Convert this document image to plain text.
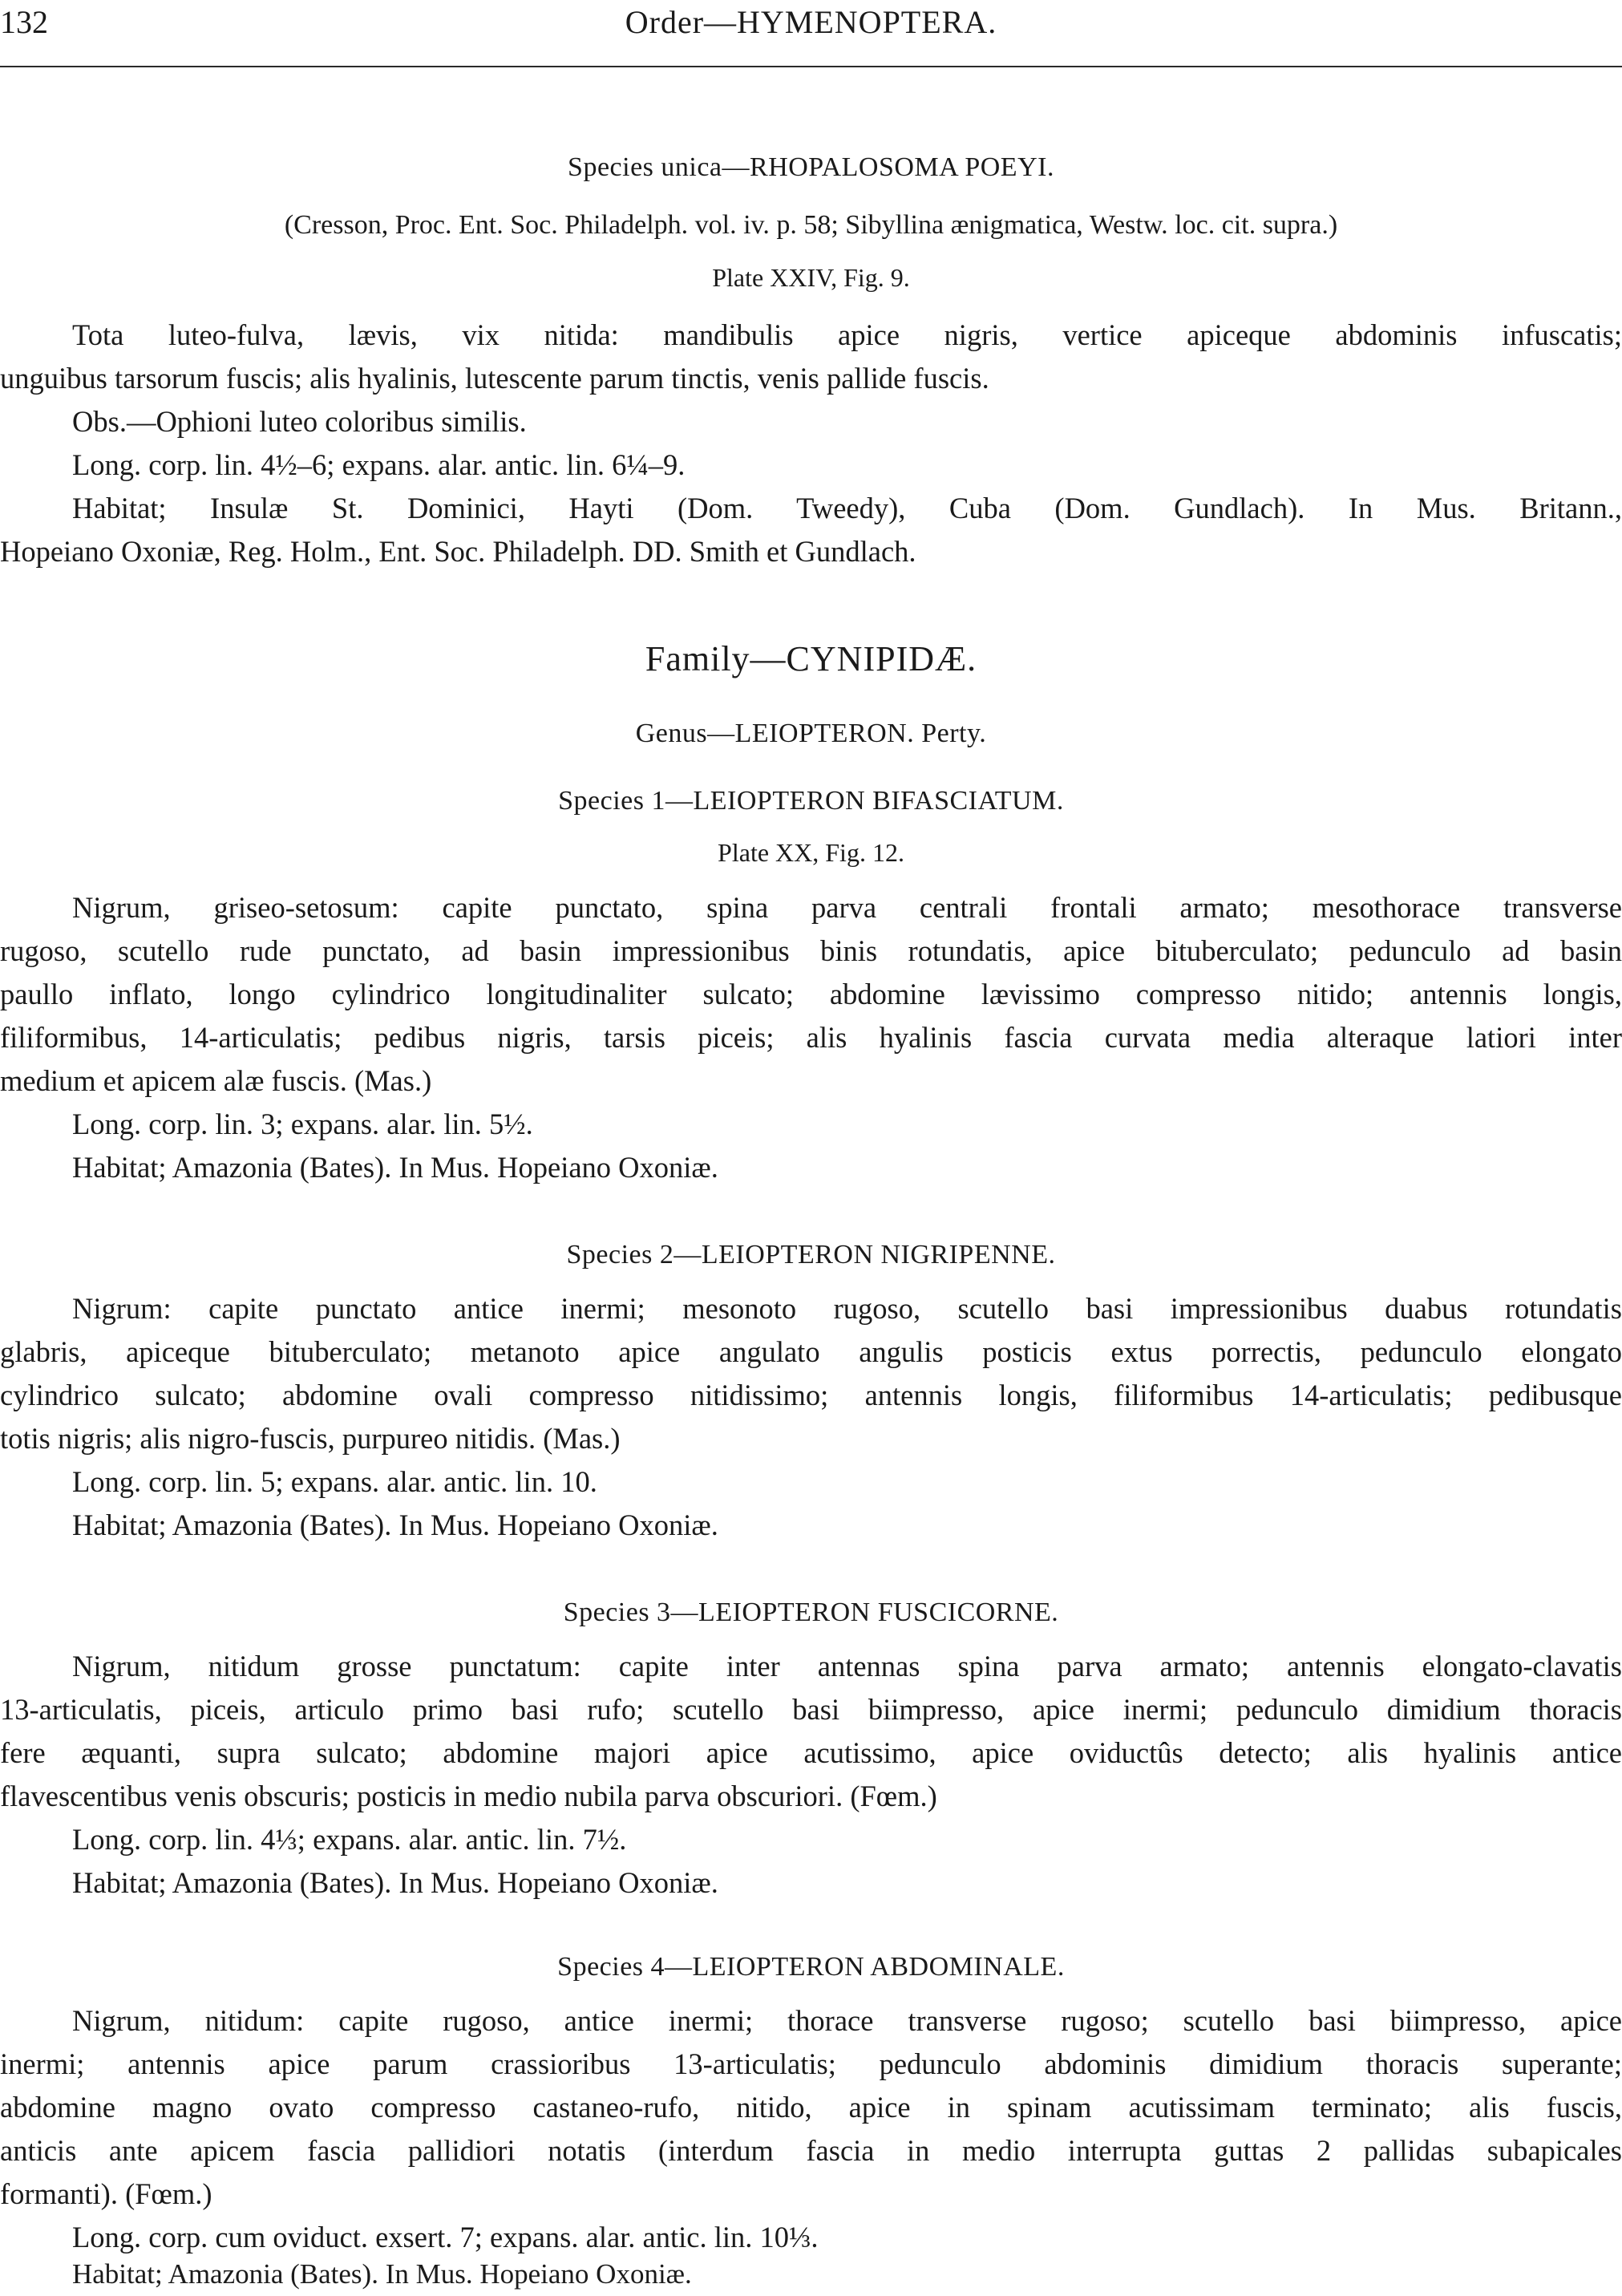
132	Order—HYMENOPTERA.
Species unica—RHOPALOSOMA POEYI.
(Cresson, Proc. Ent. Soc. Philadelph. vol. iv. p. 58; Sibyllina ænigmatica, Westw. loc. cit. supra.)
Plate XXIV, Fig. 9.
Tota luteo-fulva, lævis, vix nitida: mandibulis apice nigris, vertice apiceque abdominis infuscatis;
unguibus tarsorum fuscis; alis hyalinis, lutescente parum tinctis, venis pallide fuscis.
Obs.—Ophioni luteo coloribus similis.
Long. corp. lin. 4½–6; expans. alar. antic. lin. 6¼–9.
Habitat; Insulæ St. Dominici, Hayti (Dom. Tweedy), Cuba (Dom. Gundlach). In Mus. Britann.,
Hopeiano Oxoniæ, Reg. Holm., Ent. Soc. Philadelph. DD. Smith et Gundlach.
Family—CYNIPIDÆ.
Genus—LEIOPTERON. Perty.
Species 1—LEIOPTERON BIFASCIATUM.
Plate XX, Fig. 12.
Nigrum, griseo-setosum: capite punctato, spina parva centrali frontali armato; mesothorace transverse
rugoso, scutello rude punctato, ad basin impressionibus binis rotundatis, apice bituberculato; pedunculo ad basin
paullo inflato, longo cylindrico longitudinaliter sulcato; abdomine lævissimo compresso nitido; antennis longis,
filiformibus, 14-articulatis; pedibus nigris, tarsis piceis; alis hyalinis fascia curvata media alteraque latiori inter
medium et apicem alæ fuscis. (Mas.)
Long. corp. lin. 3; expans. alar. lin. 5½.
Habitat; Amazonia (Bates). In Mus. Hopeiano Oxoniæ.
Species 2—LEIOPTERON NIGRIPENNE.
Nigrum: capite punctato antice inermi; mesonoto rugoso, scutello basi impressionibus duabus rotundatis
glabris, apiceque bituberculato; metanoto apice angulato angulis posticis extus porrectis, pedunculo elongato
cylindrico sulcato; abdomine ovali compresso nitidissimo; antennis longis, filiformibus 14-articulatis; pedibusque
totis nigris; alis nigro-fuscis, purpureo nitidis. (Mas.)
Long. corp. lin. 5; expans. alar. antic. lin. 10.
Habitat; Amazonia (Bates). In Mus. Hopeiano Oxoniæ.
Species 3—LEIOPTERON FUSCICORNE.
Nigrum, nitidum grosse punctatum: capite inter antennas spina parva armato; antennis elongato-clavatis
13-articulatis, piceis, articulo primo basi rufo; scutello basi biimpresso, apice inermi; pedunculo dimidium thoracis
fere æquanti, supra sulcato; abdomine majori apice acutissimo, apice oviductûs detecto; alis hyalinis antice
flavescentibus venis obscuris; posticis in medio nubila parva obscuriori. (Fœm.)
Long. corp. lin. 4⅓; expans. alar. antic. lin. 7½.
Habitat; Amazonia (Bates). In Mus. Hopeiano Oxoniæ.
Species 4—LEIOPTERON ABDOMINALE.
Nigrum, nitidum: capite rugoso, antice inermi; thorace transverse rugoso; scutello basi biimpresso, apice
inermi; antennis apice parum crassioribus 13-articulatis; pedunculo abdominis dimidium thoracis superante;
abdomine magno ovato compresso castaneo-rufo, nitido, apice in spinam acutissimam terminato; alis fuscis,
anticis ante apicem fascia pallidiori notatis (interdum fascia in medio interrupta guttas 2 pallidas subapicales
formanti). (Fœm.)
Long. corp. cum oviduct. exsert. 7; expans. alar. antic. lin. 10⅓.
Habitat; Amazonia (Bates). In Mus. Hopeiano Oxoniæ.
